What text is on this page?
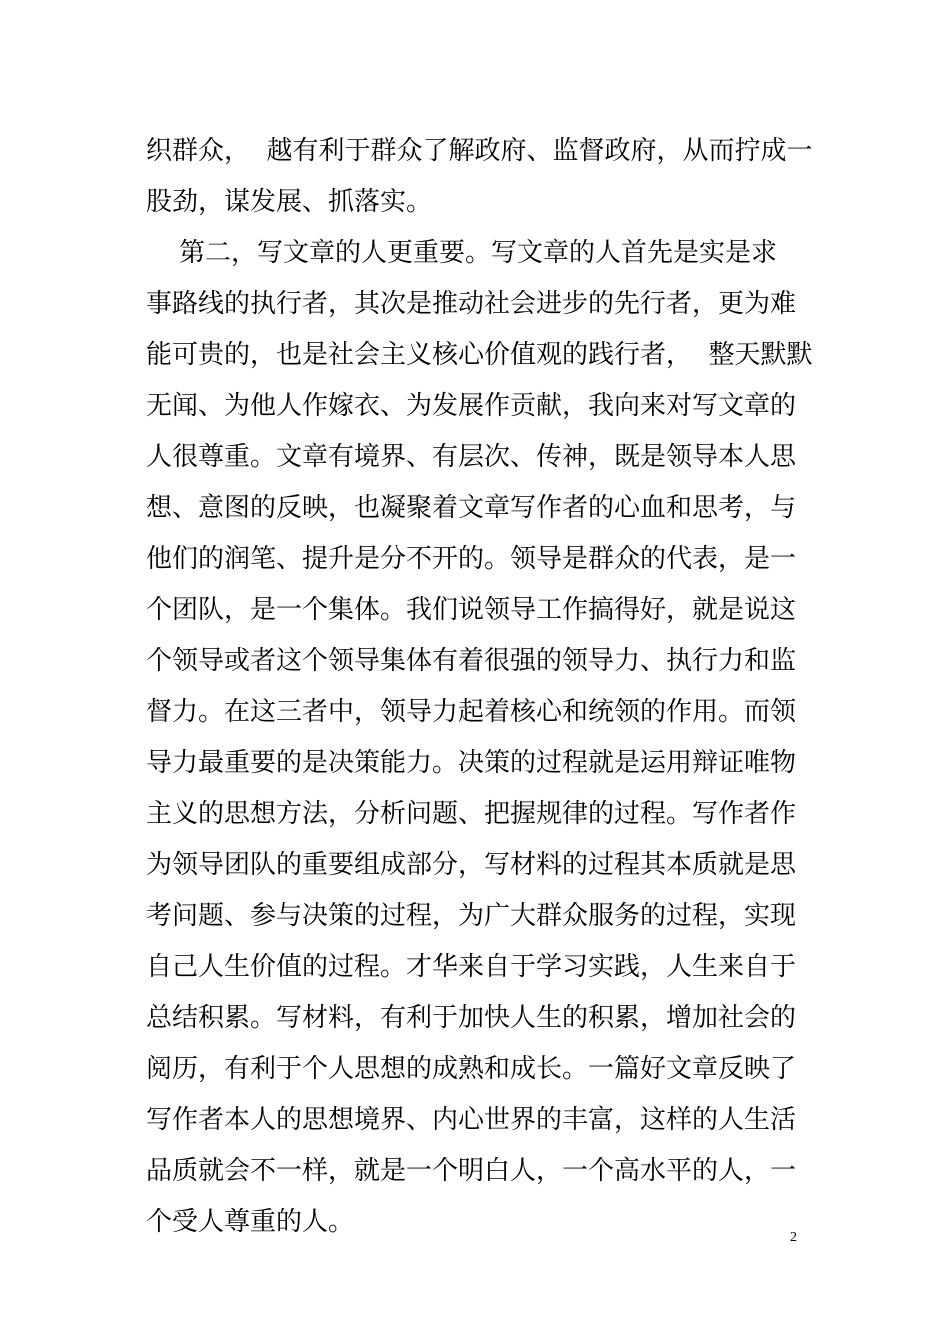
织群众，  越有利于群众了解政府、监督政府，从而拧成一
股劲，谋发展、抓落实。
第二，写文章的人更重要。写文章的人首先是实是求
事路线的执行者，其次是推动社会进步的先行者，更为难
能可贵的，也是社会主义核心价值观的践行者，  整天默默
无闻、为他人作嫁衣、为发展作贡献，我向来对写文章的
人很尊重。文章有境界、有层次、传神，既是领导本人思
想、意图的反映，也凝聚着文章写作者的心血和思考，与
他们的润笔、提升是分不开的。领导是群众的代表，是一
个团队，是一个集体。我们说领导工作搞得好，就是说这
个领导或者这个领导集体有着很强的领导力、执行力和监
督力。在这三者中，领导力起着核心和统领的作用。而领
导力最重要的是决策能力。决策的过程就是运用辩证唯物
主义的思想方法，分析问题、把握规律的过程。写作者作
为领导团队的重要组成部分，写材料的过程其本质就是思
考问题、参与决策的过程，为广大群众服务的过程，实现
自己人生价值的过程。才华来自于学习实践，人生来自于
总结积累。写材料，有利于加快人生的积累，增加社会的
阅历，有利于个人思想的成熟和成长。一篇好文章反映了
写作者本人的思想境界、内心世界的丰富，这样的人生活
品质就会不一样，就是一个明白人，一个高水平的人，一
个受人尊重的人。
2
